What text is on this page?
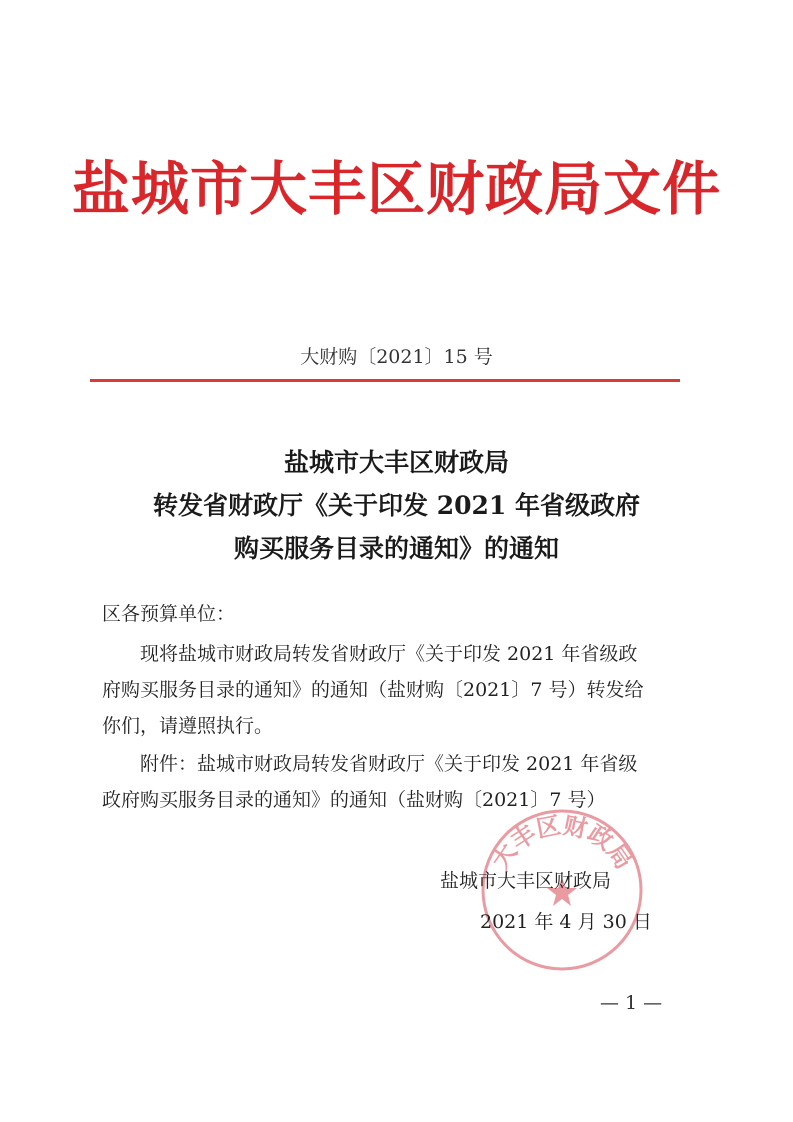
盐城市大丰区财政局文件
大财购〔2021〕15 号
盐城市大丰区财政局
转发省财政厅《关于印发 2021 年省级政府
购买服务目录的通知》的通知
区各预算单位：
现将盐城市财政局转发省财政厅《关于印发 2021 年省级政
府购买服务目录的通知》的通知（盐财购〔2021〕7 号）转发给
你们，请遵照执行。
附件：盐城市财政局转发省财政厅《关于印发 2021 年省级
政府购买服务目录的通知》的通知（盐财购〔2021〕7 号）
大丰区财政局
盐城市大丰区财政局
2021 年 4 月 30 日
— 1 —
